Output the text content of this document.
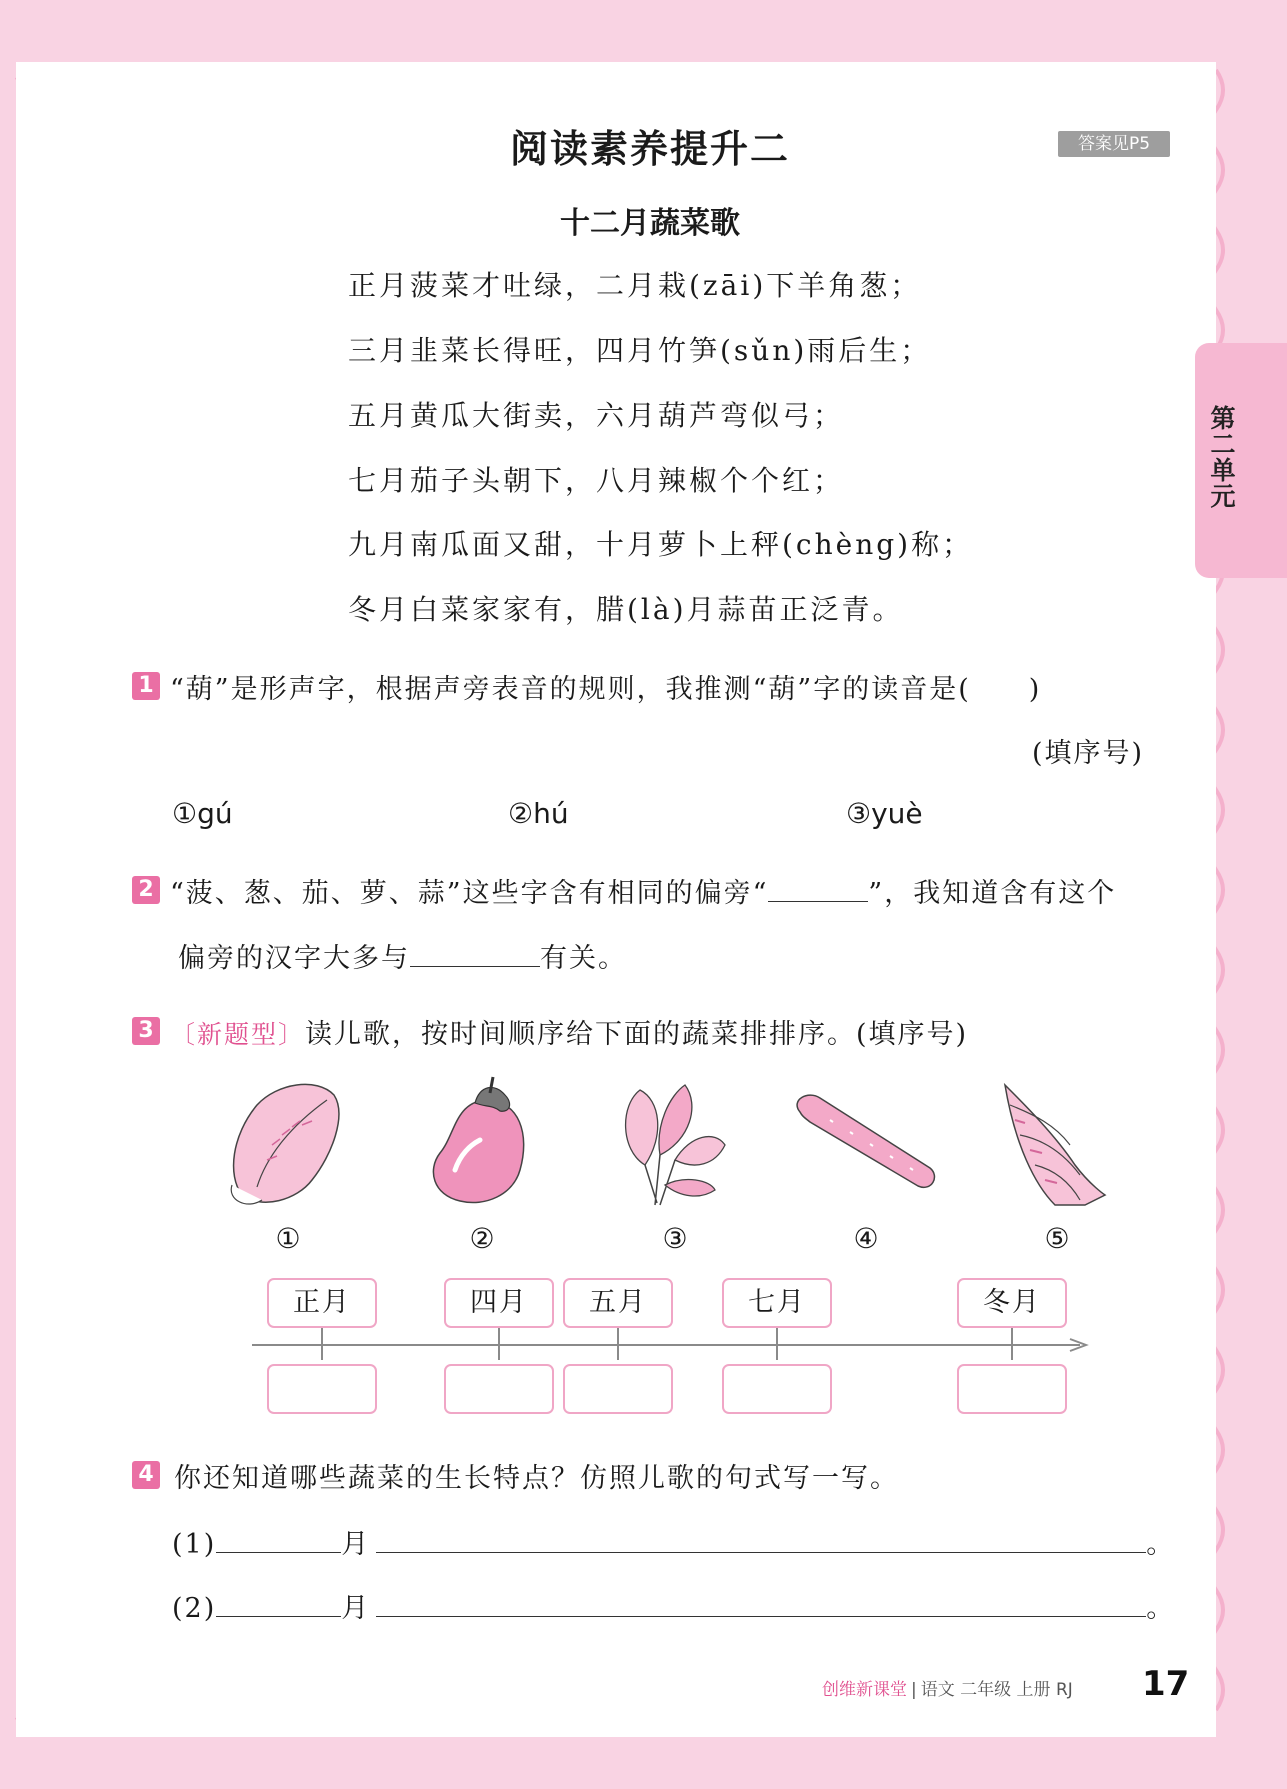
阅读素养提升二	答案见P5
第二单元
十二月蔬菜歌
正月菠菜才吐绿，二月栽(zāi)下羊角葱；
三月韭菜长得旺，四月竹笋(sǔn)雨后生；
五月黄瓜大街卖，六月葫芦弯似弓；
七月茄子头朝下，八月辣椒个个红；
九月南瓜面又甜，十月萝卜上秤(chèng)称；
冬月白菜家家有，腊(là)月蒜苗正泛青。
1 “葫”是形声字，根据声旁表音的规则，我推测“葫”字的读音是(　　)
(填序号)
①gú	②hú	③yuè
2 “菠、葱、茄、萝、蒜”这些字含有相同的偏旁“	”，我知道含有这个
偏旁的汉字大多与	有关。
3 〔新题型〕读儿歌，按时间顺序给下面的蔬菜排排序。(填序号)
①	②	③	④	⑤
正月	四月	五月	七月	冬月
4 你还知道哪些蔬菜的生长特点？仿照儿歌的句式写一写。
(1)	月	。
(2)	月	。
创维新课堂 | 语文 二年级 上册 RJ 17
